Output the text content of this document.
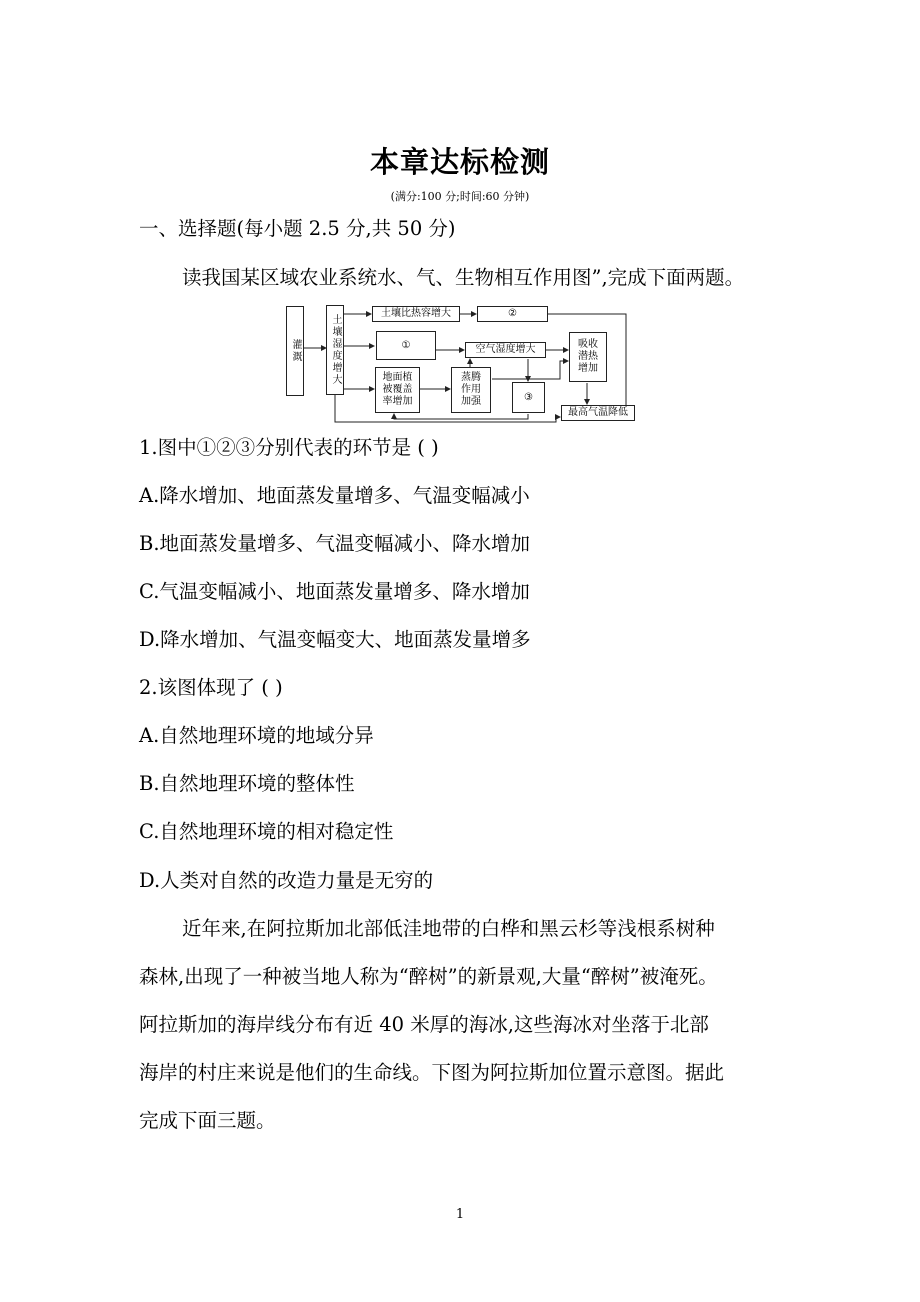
本章达标检测
(满分:100 分;时间:60 分钟)
一、选择题(每小题 2.5 分,共 50 分)
读我国某区域农业系统水、气、生物相互作用图”,完成下面两题。
灌溉	土壤湿度增大
土壤比热容增大	②
①	空气湿度增大	吸收潜热增加
地面植被覆盖率增加
蒸腾作用加强	③
最高气温降低
1.图中①②③分别代表的环节是 ( )
A.降水增加、地面蒸发量增多、气温变幅减小
B.地面蒸发量增多、气温变幅减小、降水增加
C.气温变幅减小、地面蒸发量增多、降水增加
D.降水增加、气温变幅变大、地面蒸发量增多
2.该图体现了 ( )
A.自然地理环境的地域分异
B.自然地理环境的整体性
C.自然地理环境的相对稳定性
D.人类对自然的改造力量是无穷的
近年来,在阿拉斯加北部低洼地带的白桦和黑云杉等浅根系树种
森林,出现了一种被当地人称为“醉树”的新景观,大量“醉树”被淹死。
阿拉斯加的海岸线分布有近 40 米厚的海冰,这些海冰对坐落于北部
海岸的村庄来说是他们的生命线。下图为阿拉斯加位置示意图。据此
完成下面三题。
1
